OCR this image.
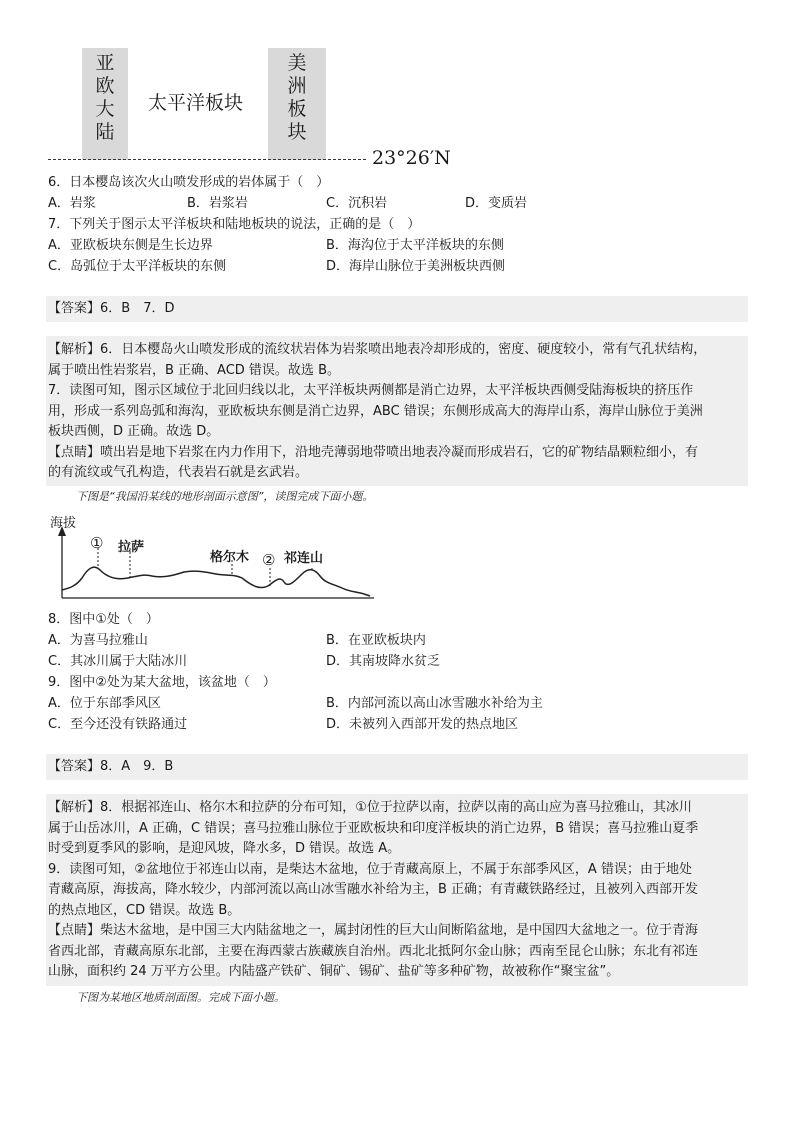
亚
欧
大
陆
太平洋板块
美
洲
板
块
23°26′N
6．日本樱岛该次火山喷发形成的岩体属于（　）
A．岩浆	B．岩浆岩	C．沉积岩	D．变质岩
7．下列关于图示太平洋板块和陆地板块的说法，正确的是（　）
A．亚欧板块东侧是生长边界	B．海沟位于太平洋板块的东侧
C．岛弧位于太平洋板块的东侧	D．海岸山脉位于美洲板块西侧
【答案】6．B　7．D
【解析】6．日本樱岛火山喷发形成的流纹状岩体为岩浆喷出地表冷却形成的，密度、硬度较小，常有气孔状结构，
属于喷出性岩浆岩，B 正确、ACD 错误。故选 B。
7．读图可知，图示区域位于北回归线以北，太平洋板块两侧都是消亡边界，太平洋板块西侧受陆海板块的挤压作
用，形成一系列岛弧和海沟，亚欧板块东侧是消亡边界，ABC 错误；东侧形成高大的海岸山系，海岸山脉位于美洲
板块西侧，D 正确。故选 D。
【点睛】喷出岩是地下岩浆在内力作用下，沿地壳薄弱地带喷出地表冷凝而形成岩石，它的矿物结晶颗粒细小，有
的有流纹或气孔构造，代表岩石就是玄武岩。
下图是“我国沿某线的地形剖面示意图”，读图完成下面小题。
海拔
① 拉萨
格尔木 ② 祁连山
8．图中①处（　）
A．为喜马拉雅山	B．在亚欧板块内
C．其冰川属于大陆冰川	D．其南坡降水贫乏
9．图中②处为某大盆地，该盆地（　）
A．位于东部季风区	B．内部河流以高山冰雪融水补给为主
C．至今还没有铁路通过	D．未被列入西部开发的热点地区
【答案】8．A　9．B
【解析】8．根据祁连山、格尔木和拉萨的分布可知，①位于拉萨以南，拉萨以南的高山应为喜马拉雅山，其冰川
属于山岳冰川，A 正确，C 错误；喜马拉雅山脉位于亚欧板块和印度洋板块的消亡边界，B 错误；喜马拉雅山夏季
时受到夏季风的影响，是迎风坡，降水多，D 错误。故选 A。
9．读图可知，②盆地位于祁连山以南，是柴达木盆地，位于青藏高原上，不属于东部季风区，A 错误；由于地处
青藏高原，海拔高，降水较少，内部河流以高山冰雪融水补给为主，B 正确；有青藏铁路经过，且被列入西部开发
的热点地区，CD 错误。故选 B。
【点睛】柴达木盆地，是中国三大内陆盆地之一，属封闭性的巨大山间断陷盆地，是中国四大盆地之一。位于青海
省西北部，青藏高原东北部，主要在海西蒙古族藏族自治州。西北北抵阿尔金山脉；西南至昆仑山脉；东北有祁连
山脉，面积约 24 万平方公里。内陆盛产铁矿、铜矿、锡矿、盐矿等多种矿物，故被称作“聚宝盆”。
下图为某地区地质剖面图。完成下面小题。
